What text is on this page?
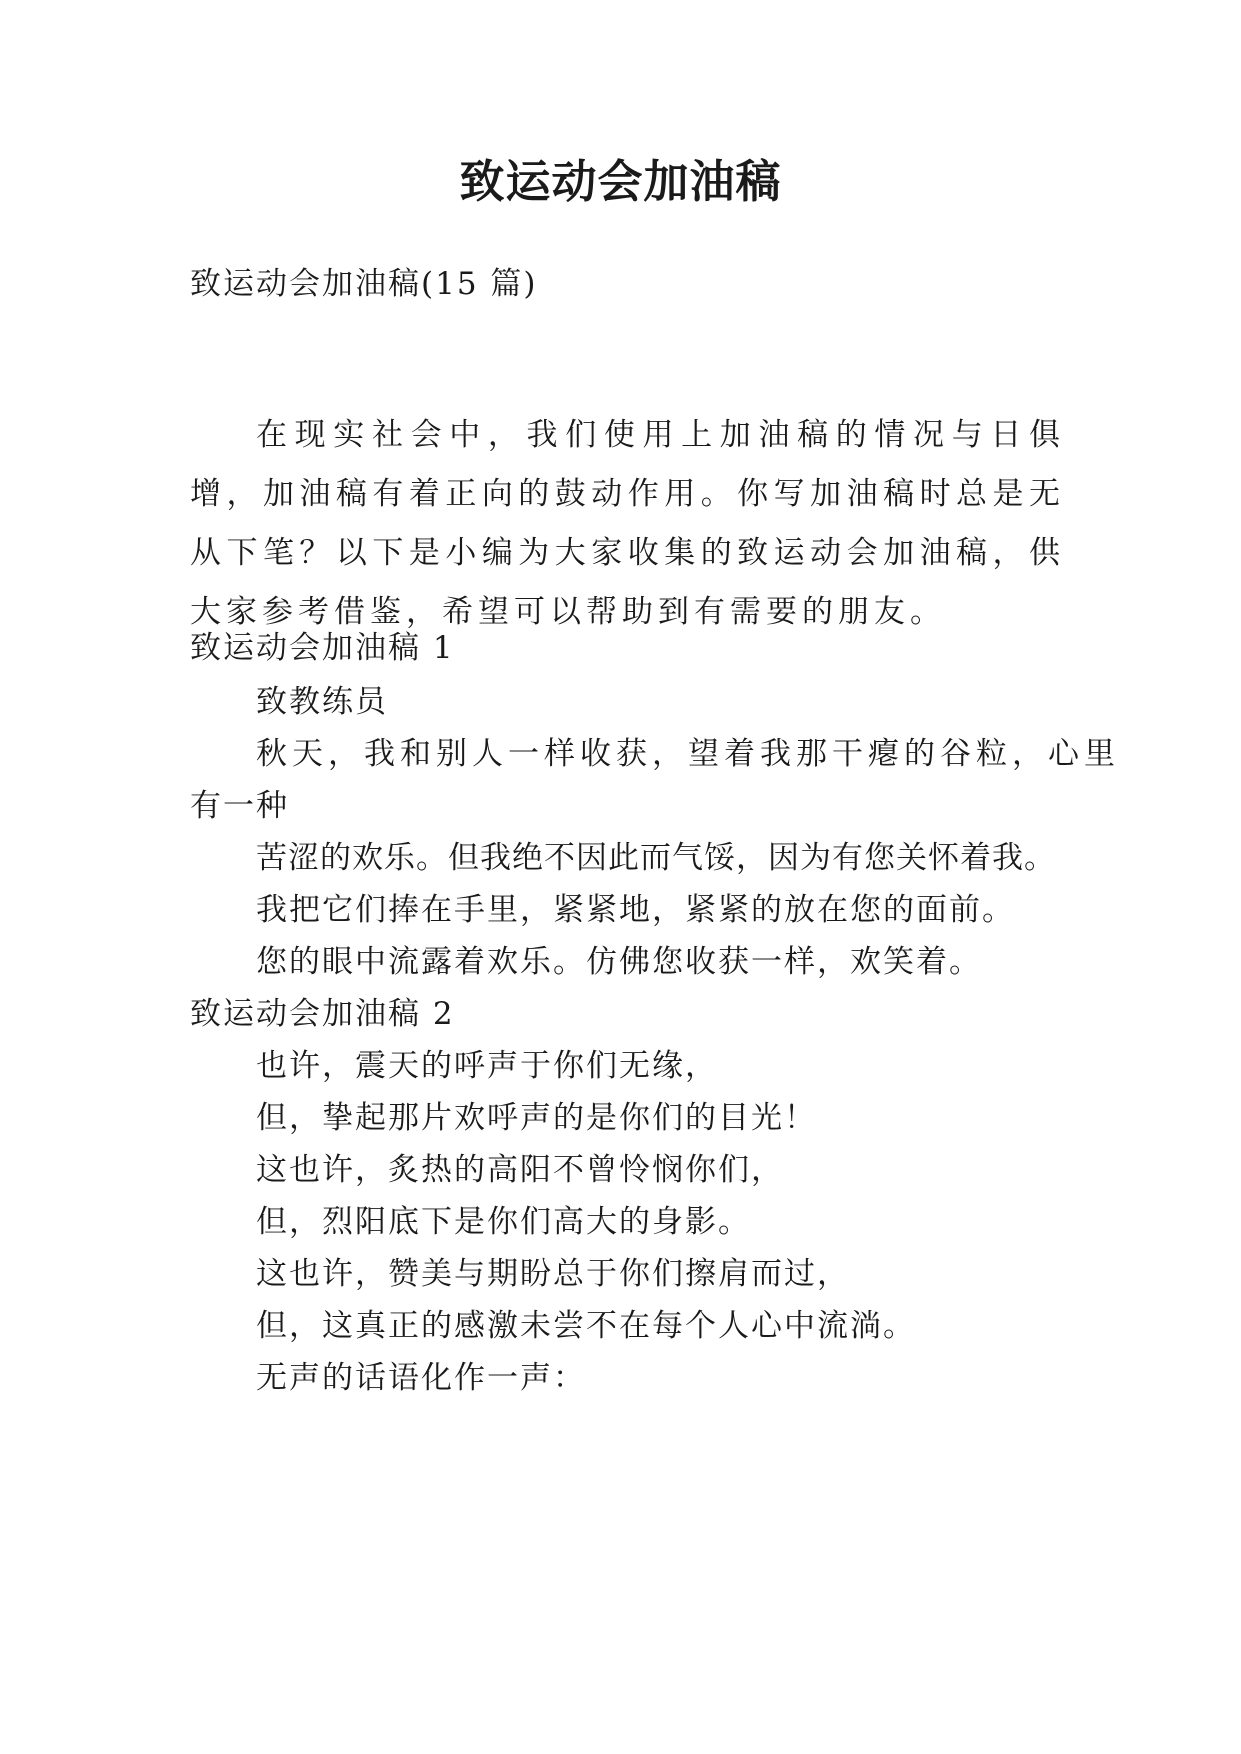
致运动会加油稿
致运动会加油稿(15 篇)
在现实社会中，我们使用上加油稿的情况与日俱增，加油稿有着正向的鼓动作用。你写加油稿时总是无从下笔？以下是小编为大家收集的致运动会加油稿，供大家参考借鉴，希望可以帮助到有需要的朋友。
致运动会加油稿 1
致教练员
秋天，我和别人一样收获，望着我那干瘪的谷粒，心里
有一种
苦涩的欢乐。但我绝不因此而气馁，因为有您关怀着我。
我把它们捧在手里，紧紧地，紧紧的放在您的面前。
您的眼中流露着欢乐。仿佛您收获一样，欢笑着。
致运动会加油稿 2
也许，震天的呼声于你们无缘，
但，挚起那片欢呼声的是你们的目光！
这也许，炙热的高阳不曾怜悯你们，
但，烈阳底下是你们高大的身影。
这也许，赞美与期盼总于你们擦肩而过，
但，这真正的感激未尝不在每个人心中流淌。
无声的话语化作一声：
